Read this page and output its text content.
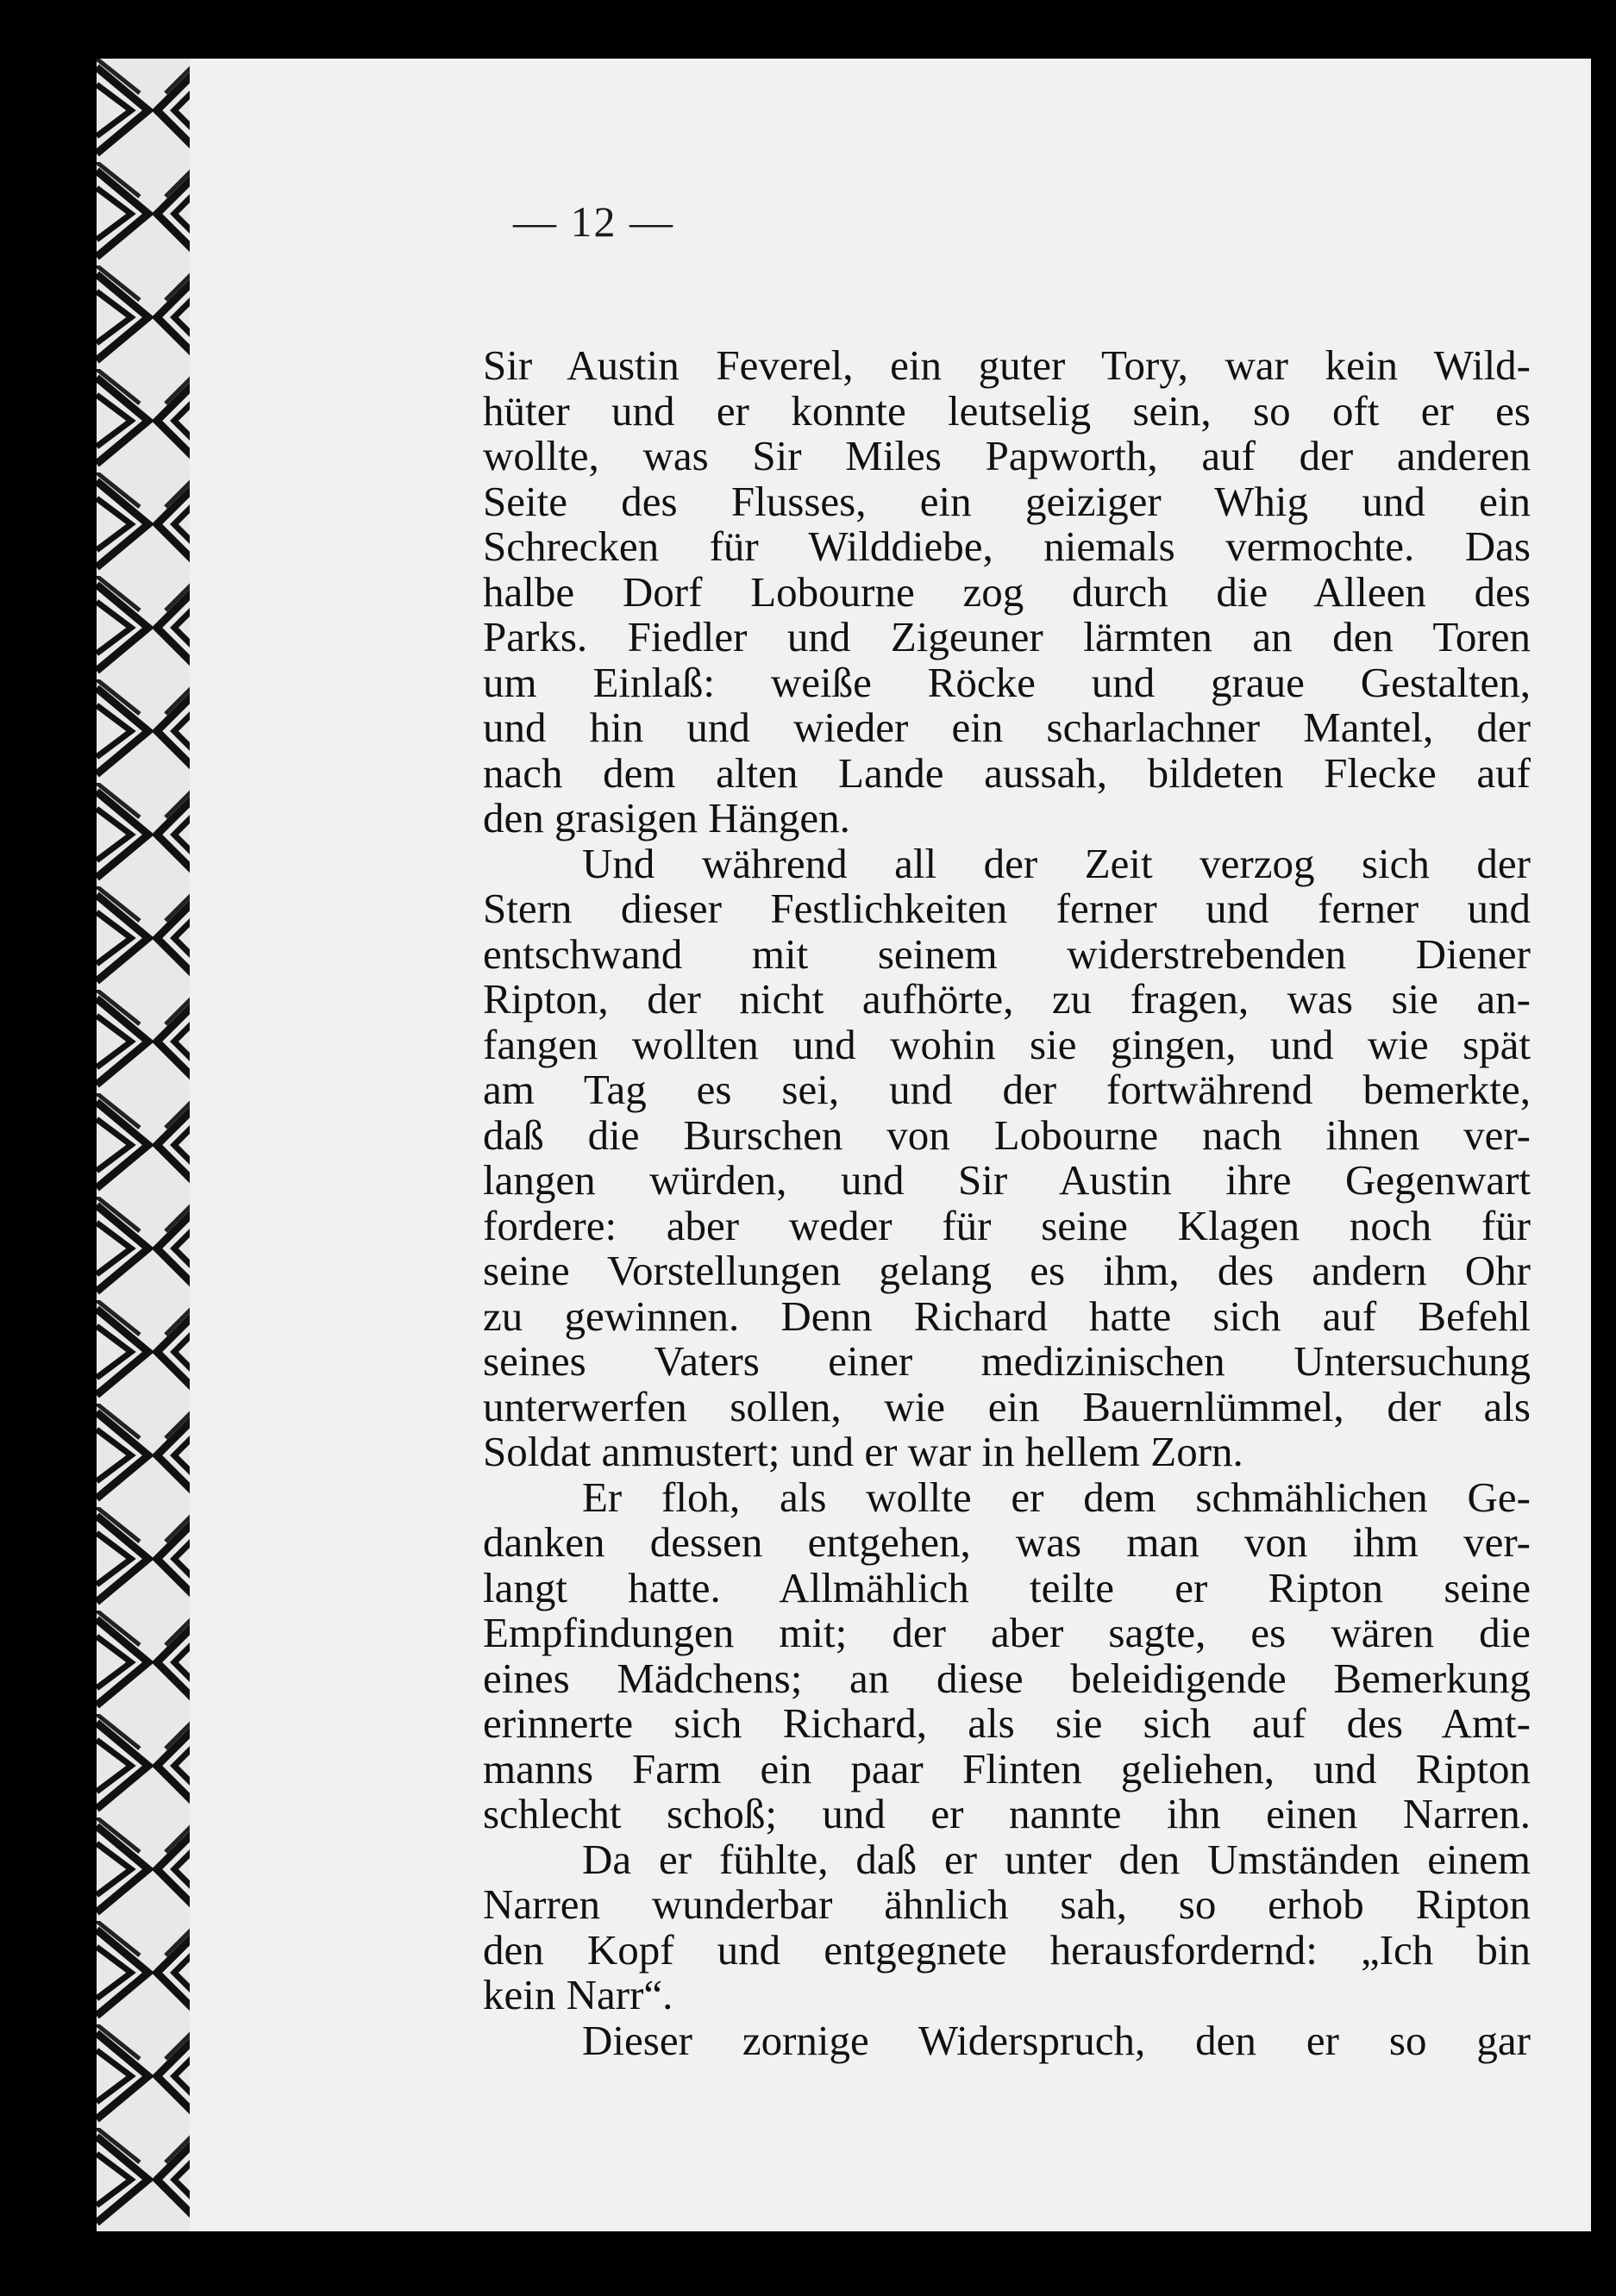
— 12 —
Sir Austin Feverel, ein guter Tory, war kein Wild-
hüter und er konnte leutselig sein, so oft er es
wollte, was Sir Miles Papworth, auf der anderen
Seite des Flusses, ein geiziger Whig und ein
Schrecken für Wilddiebe, niemals vermochte. Das
halbe Dorf Lobourne zog durch die Alleen des
Parks. Fiedler und Zigeuner lärmten an den Toren
um Einlaß: weiße Röcke und graue Gestalten,
und hin und wieder ein scharlachner Mantel, der
nach dem alten Lande aussah, bildeten Flecke auf
den grasigen Hängen.
Und während all der Zeit verzog sich der
Stern dieser Festlichkeiten ferner und ferner und
entschwand mit seinem widerstrebenden Diener
Ripton, der nicht aufhörte, zu fragen, was sie an-
fangen wollten und wohin sie gingen, und wie spät
am Tag es sei, und der fortwährend bemerkte,
daß die Burschen von Lobourne nach ihnen ver-
langen würden, und Sir Austin ihre Gegenwart
fordere: aber weder für seine Klagen noch für
seine Vorstellungen gelang es ihm, des andern Ohr
zu gewinnen. Denn Richard hatte sich auf Befehl
seines Vaters einer medizinischen Untersuchung
unterwerfen sollen, wie ein Bauernlümmel, der als
Soldat anmustert; und er war in hellem Zorn.
Er floh, als wollte er dem schmählichen Ge-
danken dessen entgehen, was man von ihm ver-
langt hatte. Allmählich teilte er Ripton seine
Empfindungen mit; der aber sagte, es wären die
eines Mädchens; an diese beleidigende Bemerkung
erinnerte sich Richard, als sie sich auf des Amt-
manns Farm ein paar Flinten geliehen, und Ripton
schlecht schoß; und er nannte ihn einen Narren.
Da er fühlte, daß er unter den Umständen einem
Narren wunderbar ähnlich sah, so erhob Ripton
den Kopf und entgegnete herausfordernd: „Ich bin
kein Narr“.
Dieser zornige Widerspruch, den er so gar
